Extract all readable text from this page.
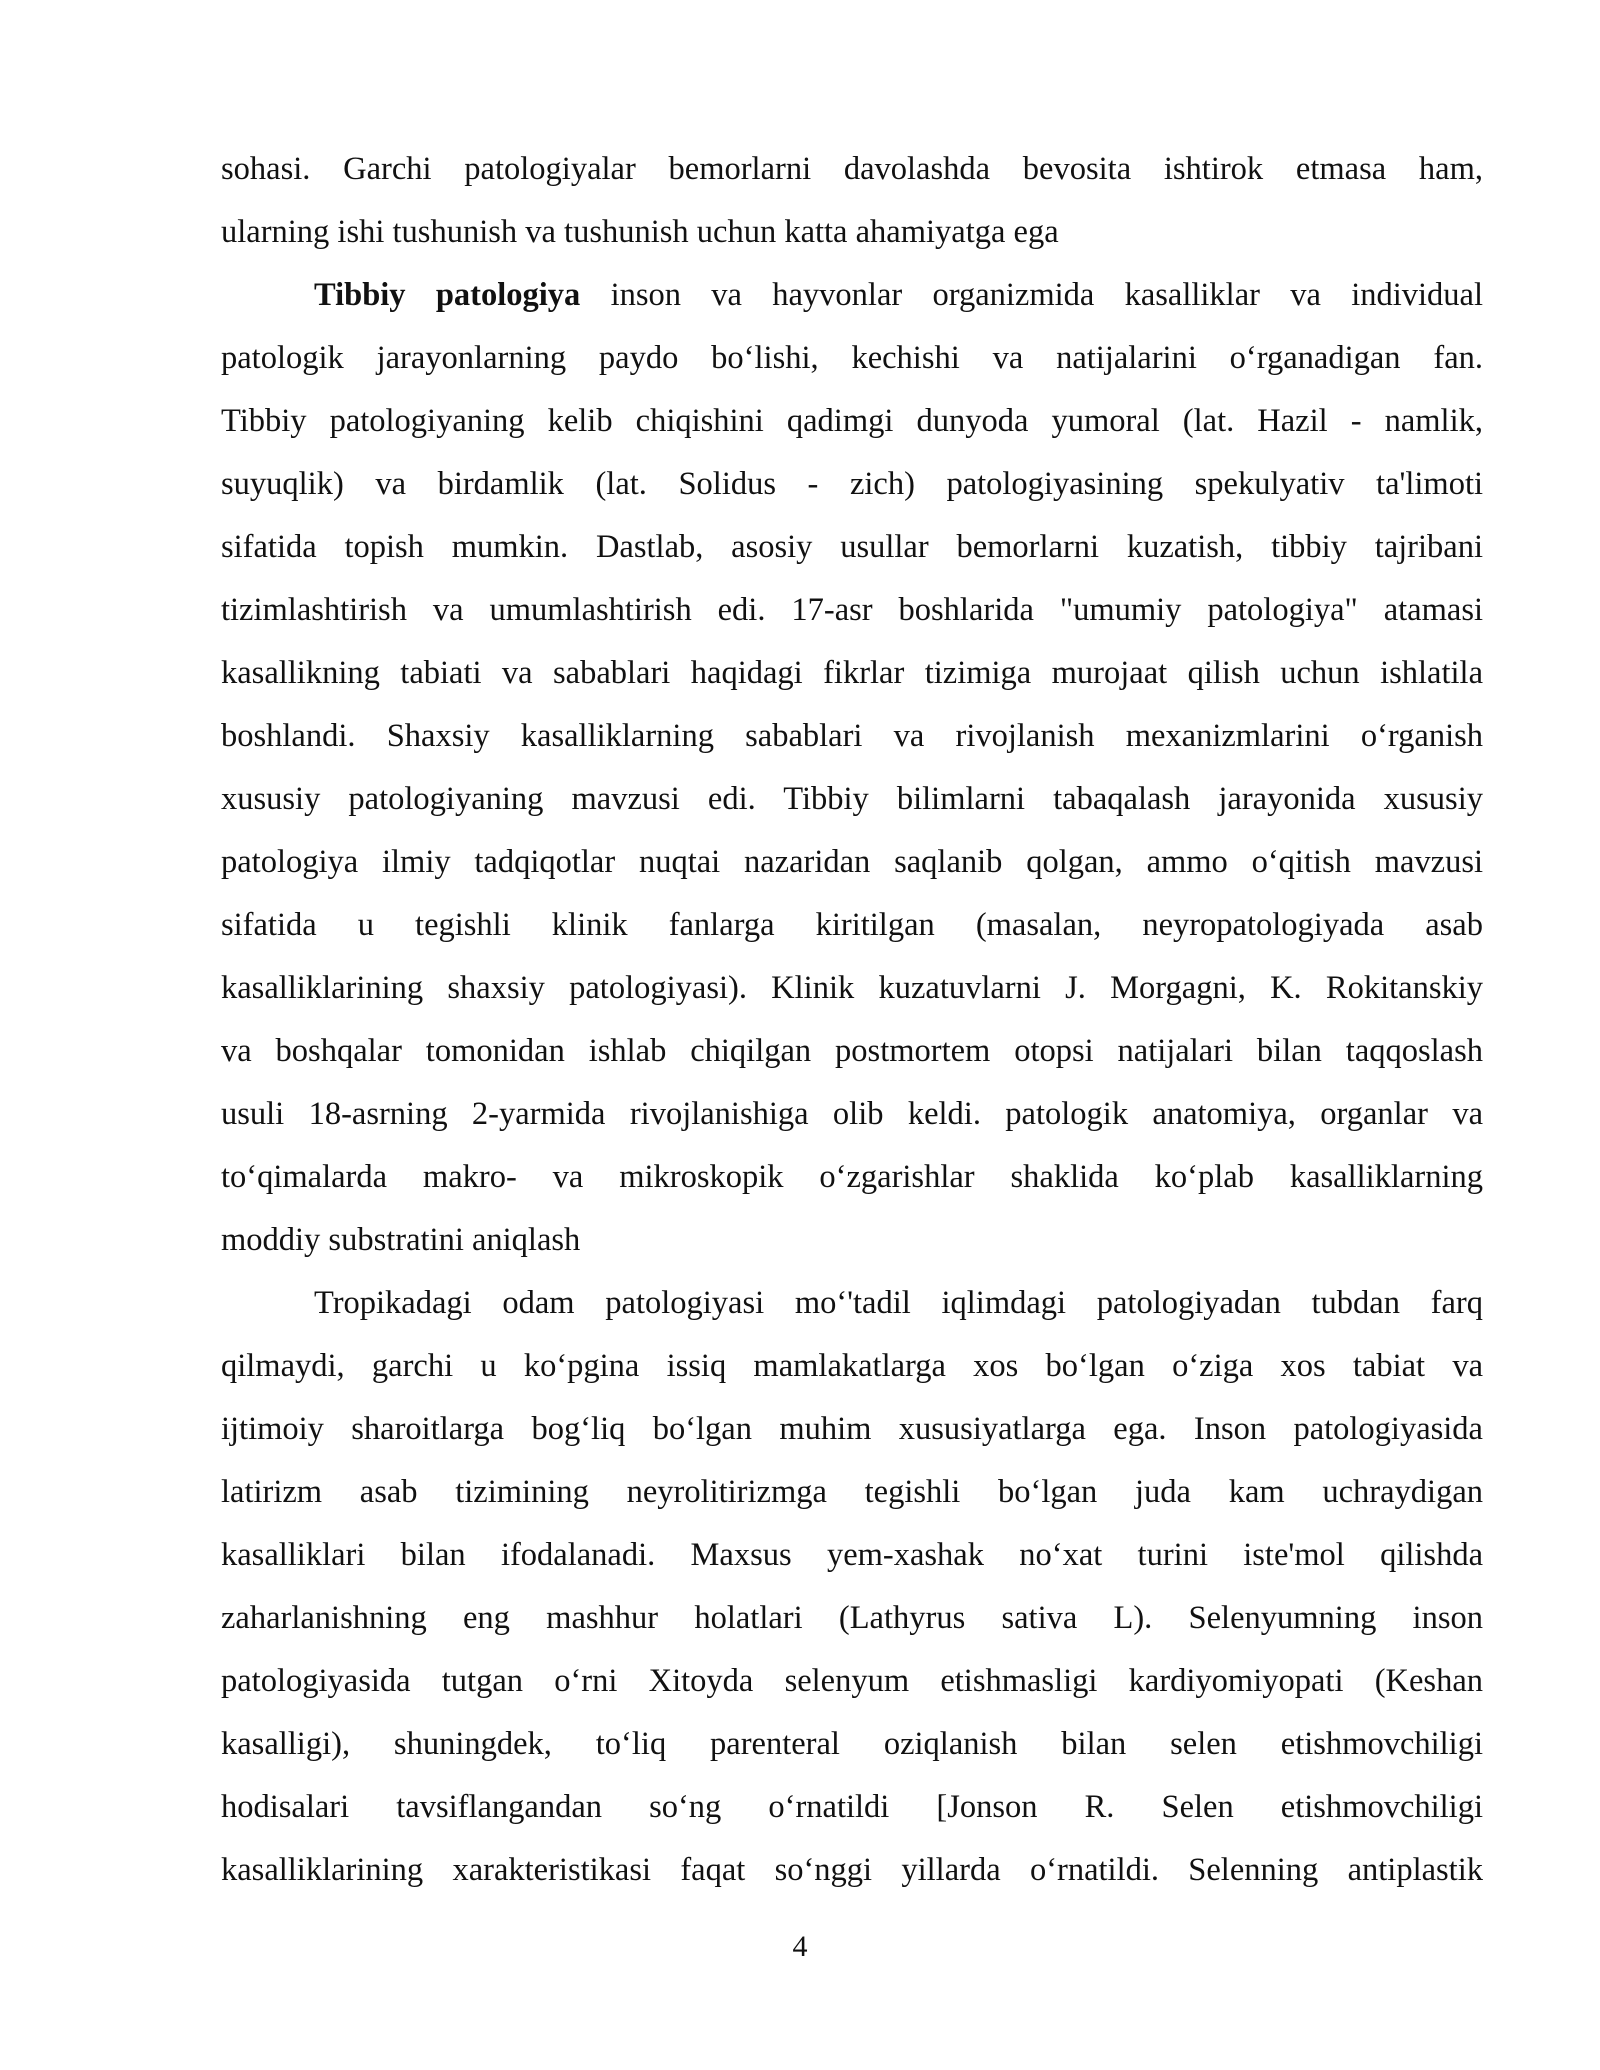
sohasi. Garchi patologiyalar bemorlarni davolashda bevosita ishtirok etmasa ham,
ularning ishi tushunish va tushunish uchun katta ahamiyatga ega
Tibbiy patologiya inson va hayvonlar organizmida kasalliklar va individual
patologik jarayonlarning paydo bo‘lishi, kechishi va natijalarini o‘rganadigan fan.
Tibbiy patologiyaning kelib chiqishini qadimgi dunyoda yumoral (lat. Hazil - namlik,
suyuqlik) va birdamlik (lat. Solidus - zich) patologiyasining spekulyativ ta'limoti
sifatida topish mumkin. Dastlab, asosiy usullar bemorlarni kuzatish, tibbiy tajribani
tizimlashtirish va umumlashtirish edi. 17-asr boshlarida "umumiy patologiya" atamasi
kasallikning tabiati va sabablari haqidagi fikrlar tizimiga murojaat qilish uchun ishlatila
boshlandi. Shaxsiy kasalliklarning sabablari va rivojlanish mexanizmlarini o‘rganish
xususiy patologiyaning mavzusi edi. Tibbiy bilimlarni tabaqalash jarayonida xususiy
patologiya ilmiy tadqiqotlar nuqtai nazaridan saqlanib qolgan, ammo o‘qitish mavzusi
sifatida u tegishli klinik fanlarga kiritilgan (masalan, neyropatologiyada asab
kasalliklarining shaxsiy patologiyasi). Klinik kuzatuvlarni J. Morgagni, K. Rokitanskiy
va boshqalar tomonidan ishlab chiqilgan postmortem otopsi natijalari bilan taqqoslash
usuli 18-asrning 2-yarmida rivojlanishiga olib keldi. patologik anatomiya, organlar va
to‘qimalarda makro- va mikroskopik o‘zgarishlar shaklida ko‘plab kasalliklarning
moddiy substratini aniqlash
Tropikadagi odam patologiyasi mo‘'tadil iqlimdagi patologiyadan tubdan farq
qilmaydi, garchi u ko‘pgina issiq mamlakatlarga xos bo‘lgan o‘ziga xos tabiat va
ijtimoiy sharoitlarga bog‘liq bo‘lgan muhim xususiyatlarga ega. Inson patologiyasida
latirizm asab tizimining neyrolitirizmga tegishli bo‘lgan juda kam uchraydigan
kasalliklari bilan ifodalanadi. Maxsus yem-xashak no‘xat turini iste'mol qilishda
zaharlanishning eng mashhur holatlari (Lathyrus sativa L). Selenyumning inson
patologiyasida tutgan o‘rni Xitoyda selenyum etishmasligi kardiyomiyopati (Keshan
kasalligi), shuningdek, to‘liq parenteral oziqlanish bilan selen etishmovchiligi
hodisalari tavsiflangandan so‘ng o‘rnatildi [Jonson R. Selen etishmovchiligi
kasalliklarining xarakteristikasi faqat so‘nggi yillarda o‘rnatildi. Selenning antiplastik
4
